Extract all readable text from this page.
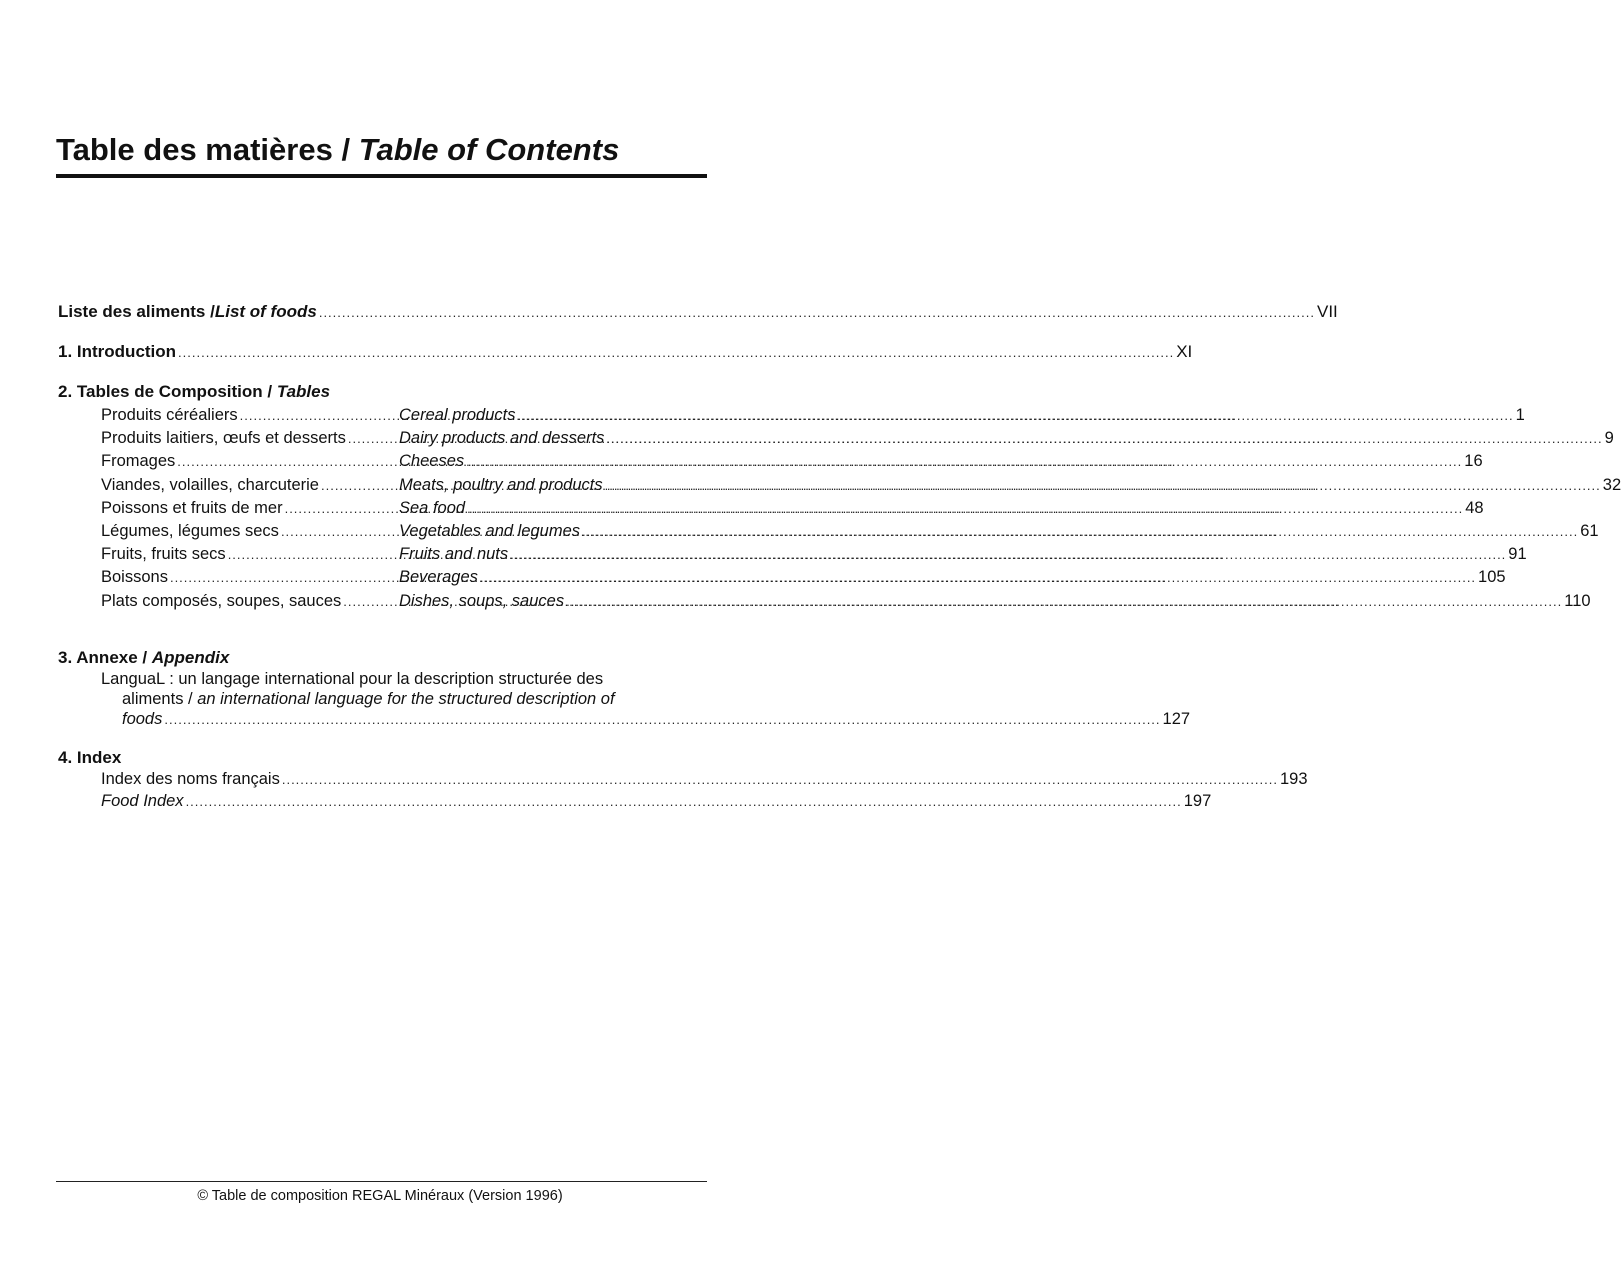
Table des matières / Table of Contents
Liste des aliments / List of foods .....	VII
1. Introduction .....	XI
2. Tables de Composition / Tables
Produits céréaliers .....	Cereal products .....	1
Produits laitiers, œufs et desserts .....	Dairy products and desserts .....	9
Fromages .....	Cheeses .....	16
Viandes, volailles, charcuterie .....	Meats, poultry and products .....	32
Poissons et fruits de mer .....	Sea food .....	48
Légumes, légumes secs .....	Vegetables and legumes .....	61
Fruits, fruits secs .....	Fruits and nuts .....	91
Boissons .....	Beverages .....	105
Plats composés, soupes, sauces .....	Dishes, soups, sauces .....	110
3. Annexe / Appendix
LanguaL : un langage international pour la description structurée des
aliments / an international language for the structured description of
foods .....	127
4. Index
Index des noms français .....	193
Food Index .....	197
© Table de composition REGAL Minéraux (Version 1996)
